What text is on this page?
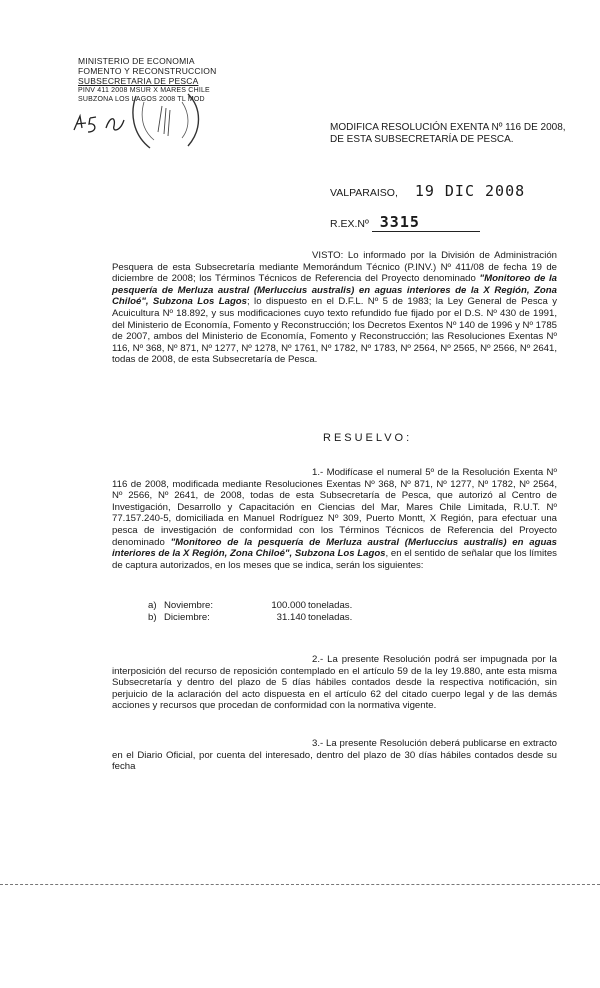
MINISTERIO DE ECONOMIA
FOMENTO Y RECONSTRUCCION
SUBSECRETARIA DE PESCA
PINV 411 2008 MSUR X MARES CHILE
SUBZONA LOS LAGOS 2008 TL MOD
MODIFICA RESOLUCIÓN EXENTA Nº 116 DE 2008, DE ESTA SUBSECRETARÍA DE PESCA.
VALPARAISO, 19 DIC 2008
R.EX.Nº 3315

VISTO: Lo informado por la División de Administración Pesquera de esta Subsecretaría mediante Memorándum Técnico (P.INV.) Nº 411/08 de fecha 19 de diciembre de 2008; los Términos Técnicos de Referencia del Proyecto denominado "Monitoreo de la pesquería de Merluza austral (Merluccius australis) en aguas interiores de la X Región, Zona Chiloé", Subzona Los Lagos; lo dispuesto en el D.F.L. Nº 5 de 1983; la Ley General de Pesca y Acuicultura Nº 18.892, y sus modificaciones cuyo texto refundido fue fijado por el D.S. Nº 430 de 1991, del Ministerio de Economía, Fomento y Reconstrucción; los Decretos Exentos Nº 140 de 1996 y Nº 1785 de 2007, ambos del Ministerio de Economía, Fomento y Reconstrucción; las Resoluciones Exentas Nº 116, Nº 368, Nº 871, Nº 1277, Nº 1278, Nº 1761, Nº 1782, Nº 1783, Nº 2564, Nº 2565, Nº 2566, Nº 2641, todas de 2008, de esta Subsecretaría de Pesca.

RESUELVO:

1.- Modifícase el numeral 5º de la Resolución Exenta Nº 116 de 2008, modificada mediante Resoluciones Exentas Nº 368, Nº 871, Nº 1277, Nº 1782, Nº 2564, Nº 2566, Nº 2641, de 2008, todas de esta Subsecretaría de Pesca, que autorizó al Centro de Investigación, Desarrollo y Capacitación en Ciencias del Mar, Mares Chile Limitada, R.U.T. Nº 77.157.240-5, domiciliada en Manuel Rodríguez Nº 309, Puerto Montt, X Región, para efectuar una pesca de investigación de conformidad con los Términos Técnicos de Referencia del Proyecto denominado "Monitoreo de la pesquería de Merluza austral (Merluccius australis) en aguas interiores de la X Región, Zona Chiloé", Subzona Los Lagos, en el sentido de señalar que los límites de captura autorizados, en los meses que se indica, serán los siguientes:

a) Noviembre:	100.000 toneladas.
b) Diciembre:	31.140 toneladas.

2.- La presente Resolución podrá ser impugnada por la interposición del recurso de reposición contemplado en el artículo 59 de la ley 19.880, ante esta misma Subsecretaría y dentro del plazo de 5 días hábiles contados desde la respectiva notificación, sin perjuicio de la aclaración del acto dispuesta en el artículo 62 del citado cuerpo legal y de las demás acciones y recursos que procedan de conformidad con la normativa vigente.

3.- La presente Resolución deberá publicarse en extracto en el Diario Oficial, por cuenta del interesado, dentro del plazo de 30 días hábiles contados desde su fecha
